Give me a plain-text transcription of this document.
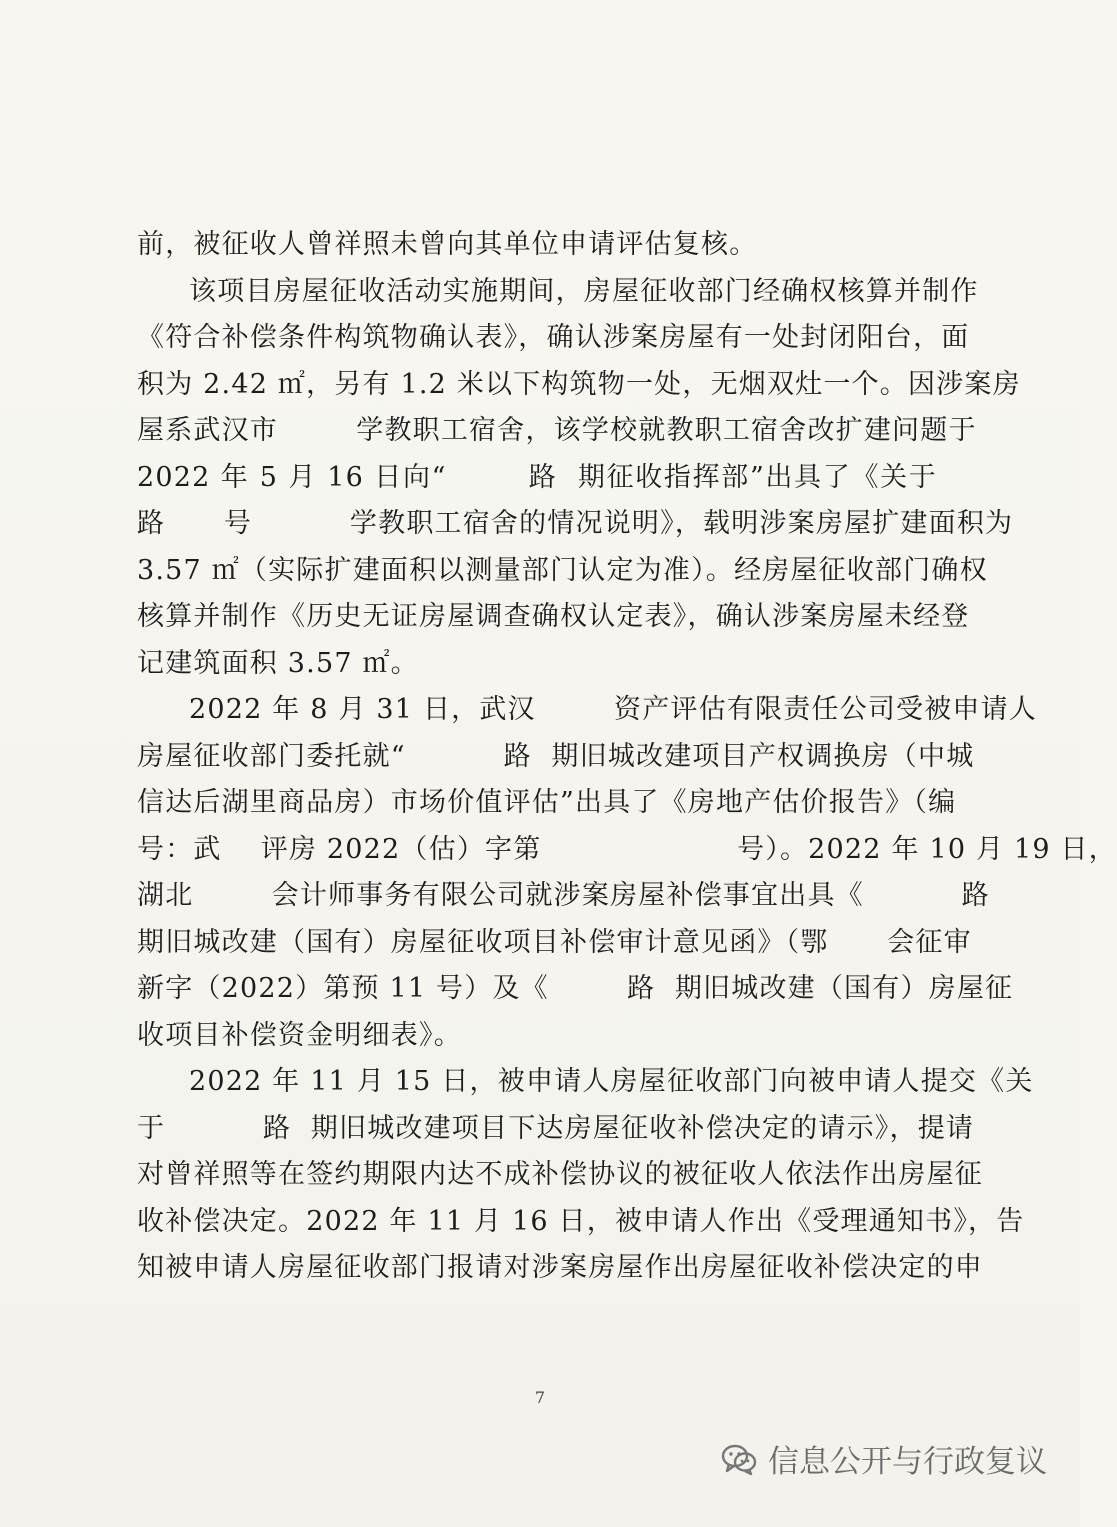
前，被征收人曾祥照未曾向其单位申请评估复核。
该项目房屋征收活动实施期间，房屋征收部门经确权核算并制作
《符合补偿条件构筑物确认表》，确认涉案房屋有一处封闭阳台，面
积为 2.42 ㎡，另有 1.2 米以下构筑物一处，无烟双灶一个。因涉案房
屋系武汉市        学教职工宿舍，该学校就教职工宿舍改扩建问题于
2022 年 5 月 16 日向“        路  期征收指挥部”出具了《关于
路      号          学教职工宿舍的情况说明》，载明涉案房屋扩建面积为
3.57 ㎡（实际扩建面积以测量部门认定为准）。经房屋征收部门确权
核算并制作《历史无证房屋调查确权认定表》，确认涉案房屋未经登
记建筑面积 3.57 ㎡。
2022 年 8 月 31 日，武汉        资产评估有限责任公司受被申请人
房屋征收部门委托就“          路  期旧城改建项目产权调换房（中城
信达后湖里商品房）市场价值评估”出具了《房地产估价报告》（编
号：武    评房 2022（估）字第                    号）。2022 年 10 月 19 日，
湖北        会计师事务有限公司就涉案房屋补偿事宜出具《          路
期旧城改建（国有）房屋征收项目补偿审计意见函》（鄂      会征审
新字（2022）第预 11 号）及《        路  期旧城改建（国有）房屋征
收项目补偿资金明细表》。
2022 年 11 月 15 日，被申请人房屋征收部门向被申请人提交《关
于          路  期旧城改建项目下达房屋征收补偿决定的请示》，提请
对曾祥照等在签约期限内达不成补偿协议的被征收人依法作出房屋征
收补偿决定。2022 年 11 月 16 日，被申请人作出《受理通知书》，告
知被申请人房屋征收部门报请对涉案房屋作出房屋征收补偿决定的申
7
信息公开与行政复议
